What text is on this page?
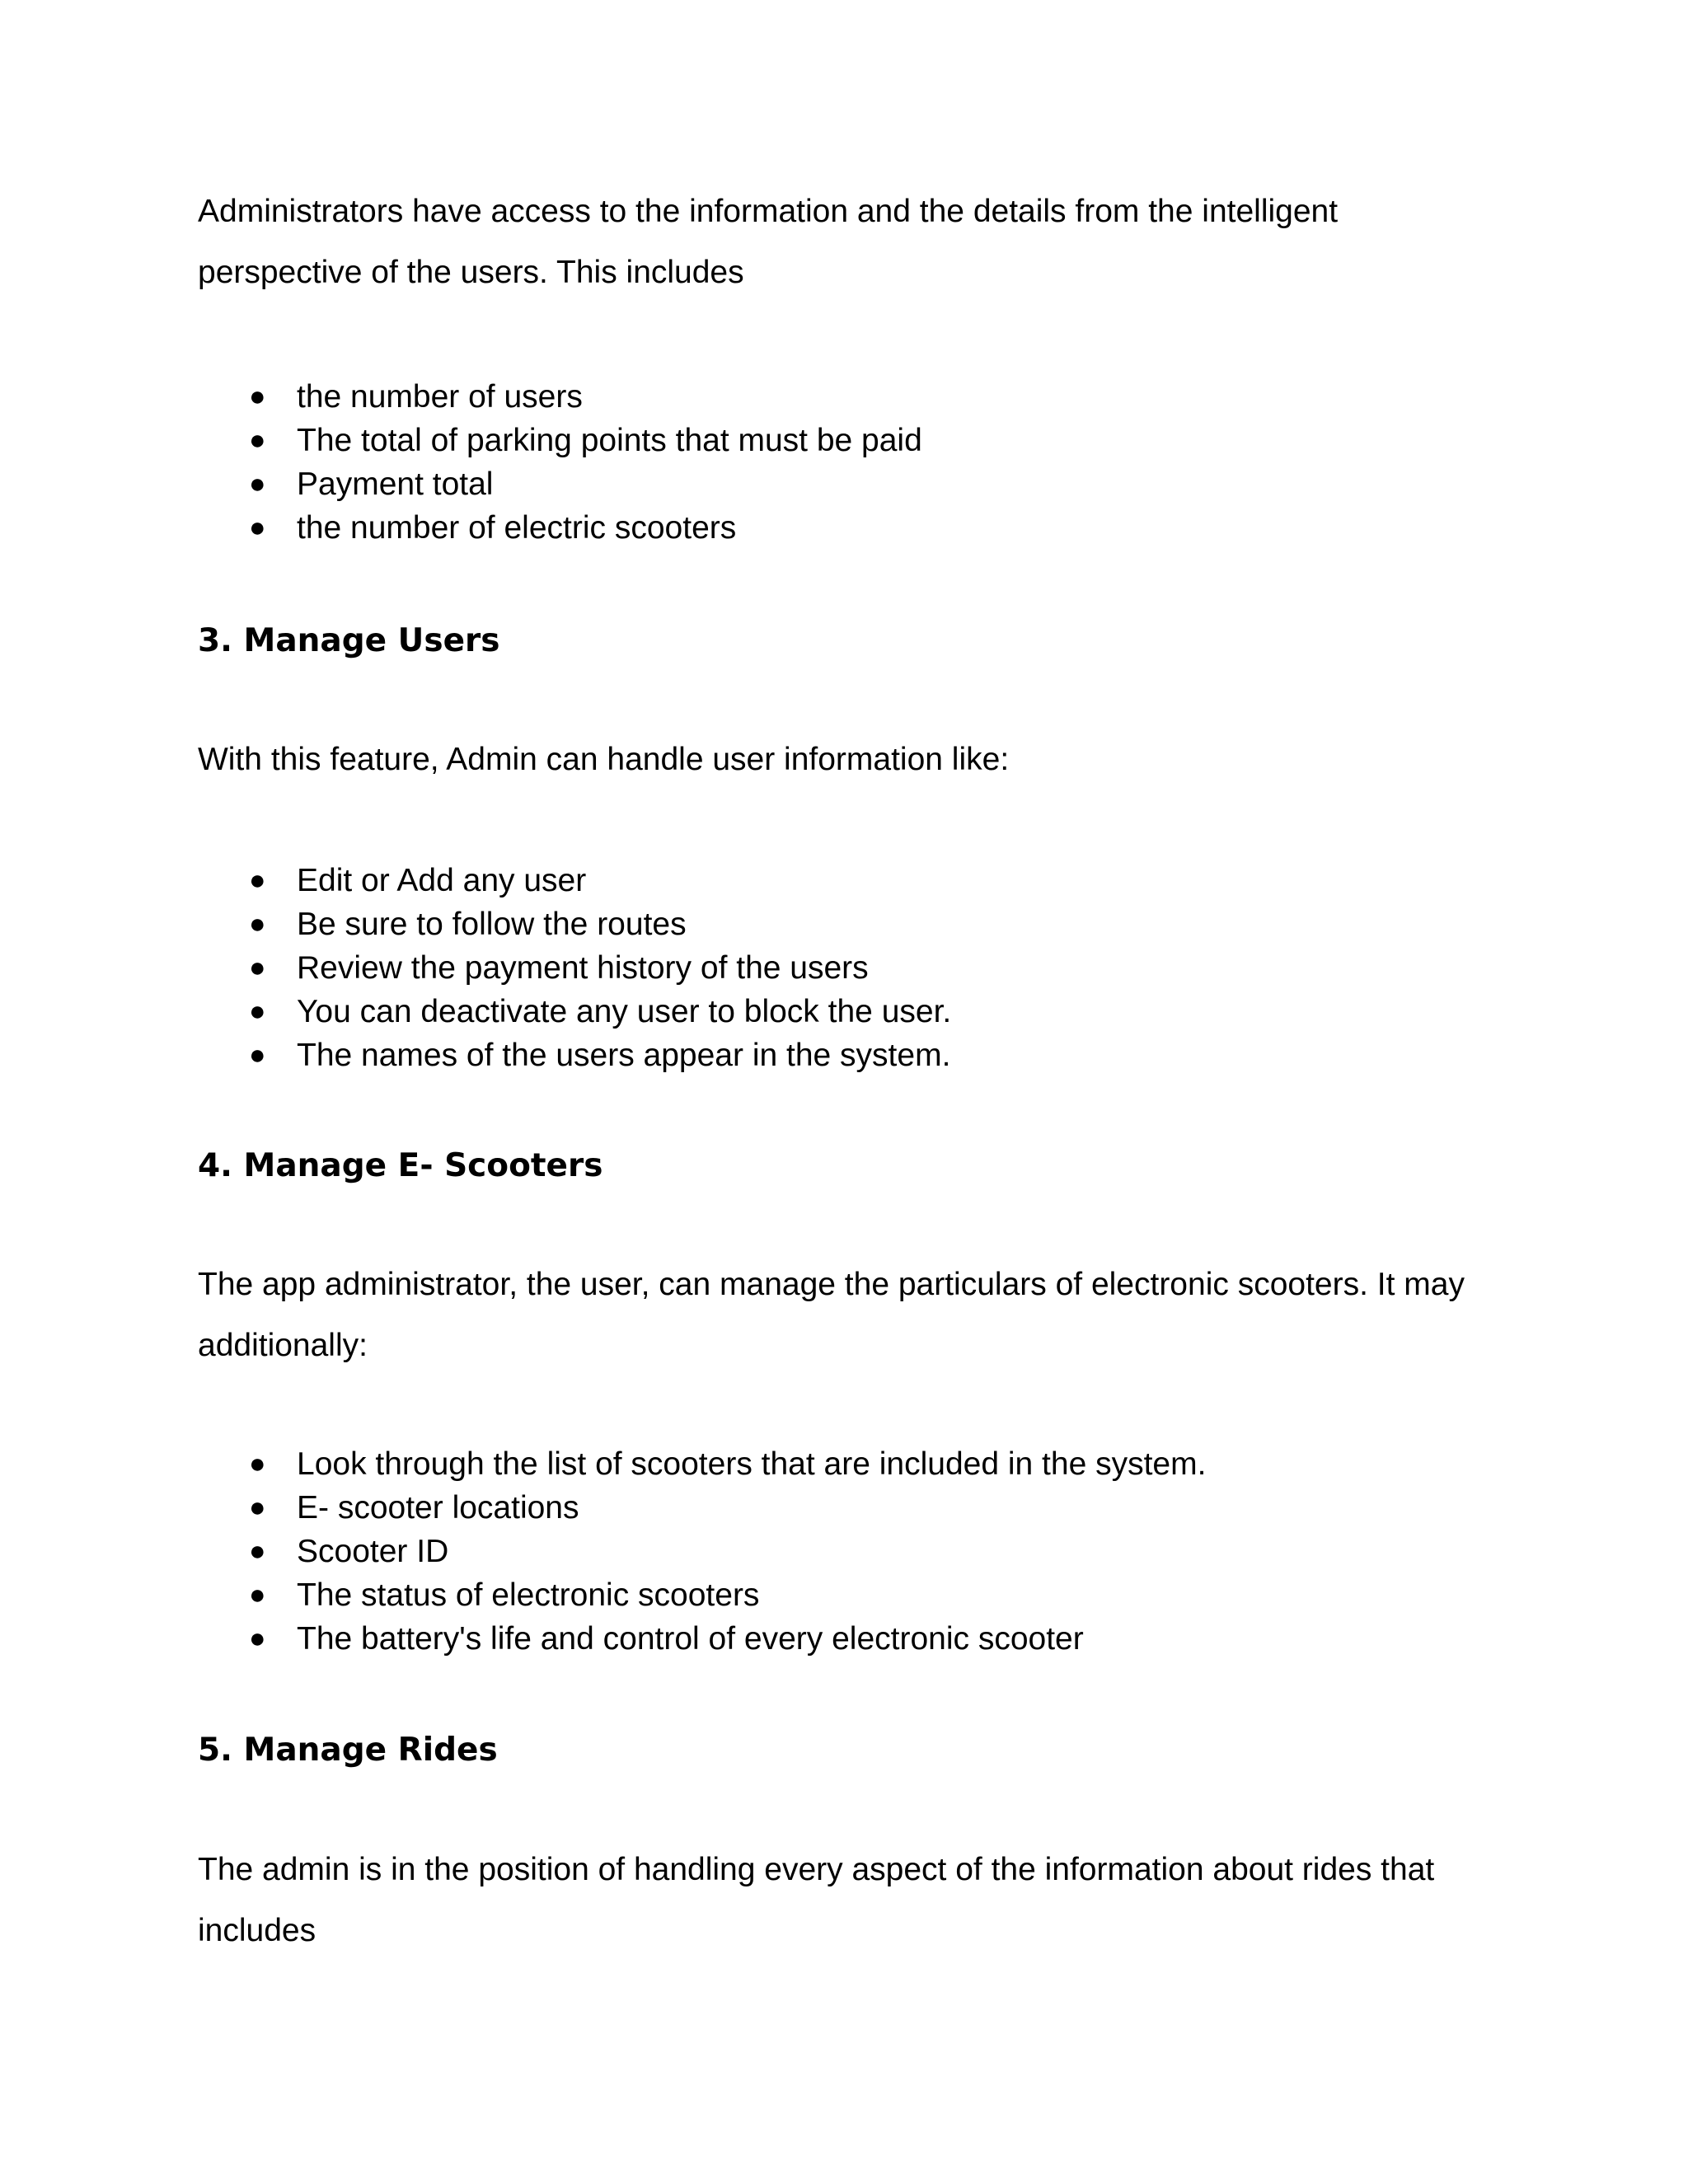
Administrators have access to the information and the details from the intelligent perspective of the users. This includes

● the number of users
● The total of parking points that must be paid
● Payment total
● the number of electric scooters
3. Manage Users

With this feature, Admin can handle user information like:

● Edit or Add any user
● Be sure to follow the routes
● Review the payment history of the users
● You can deactivate any user to block the user.
● The names of the users appear in the system.
4. Manage E- Scooters

The app administrator, the user, can manage the particulars of electronic scooters. It may additionally:

● Look through the list of scooters that are included in the system.
● E- scooter locations
● Scooter ID
● The status of electronic scooters
● The battery's life and control of every electronic scooter
5. Manage Rides

The admin is in the position of handling every aspect of the information about rides that includes
